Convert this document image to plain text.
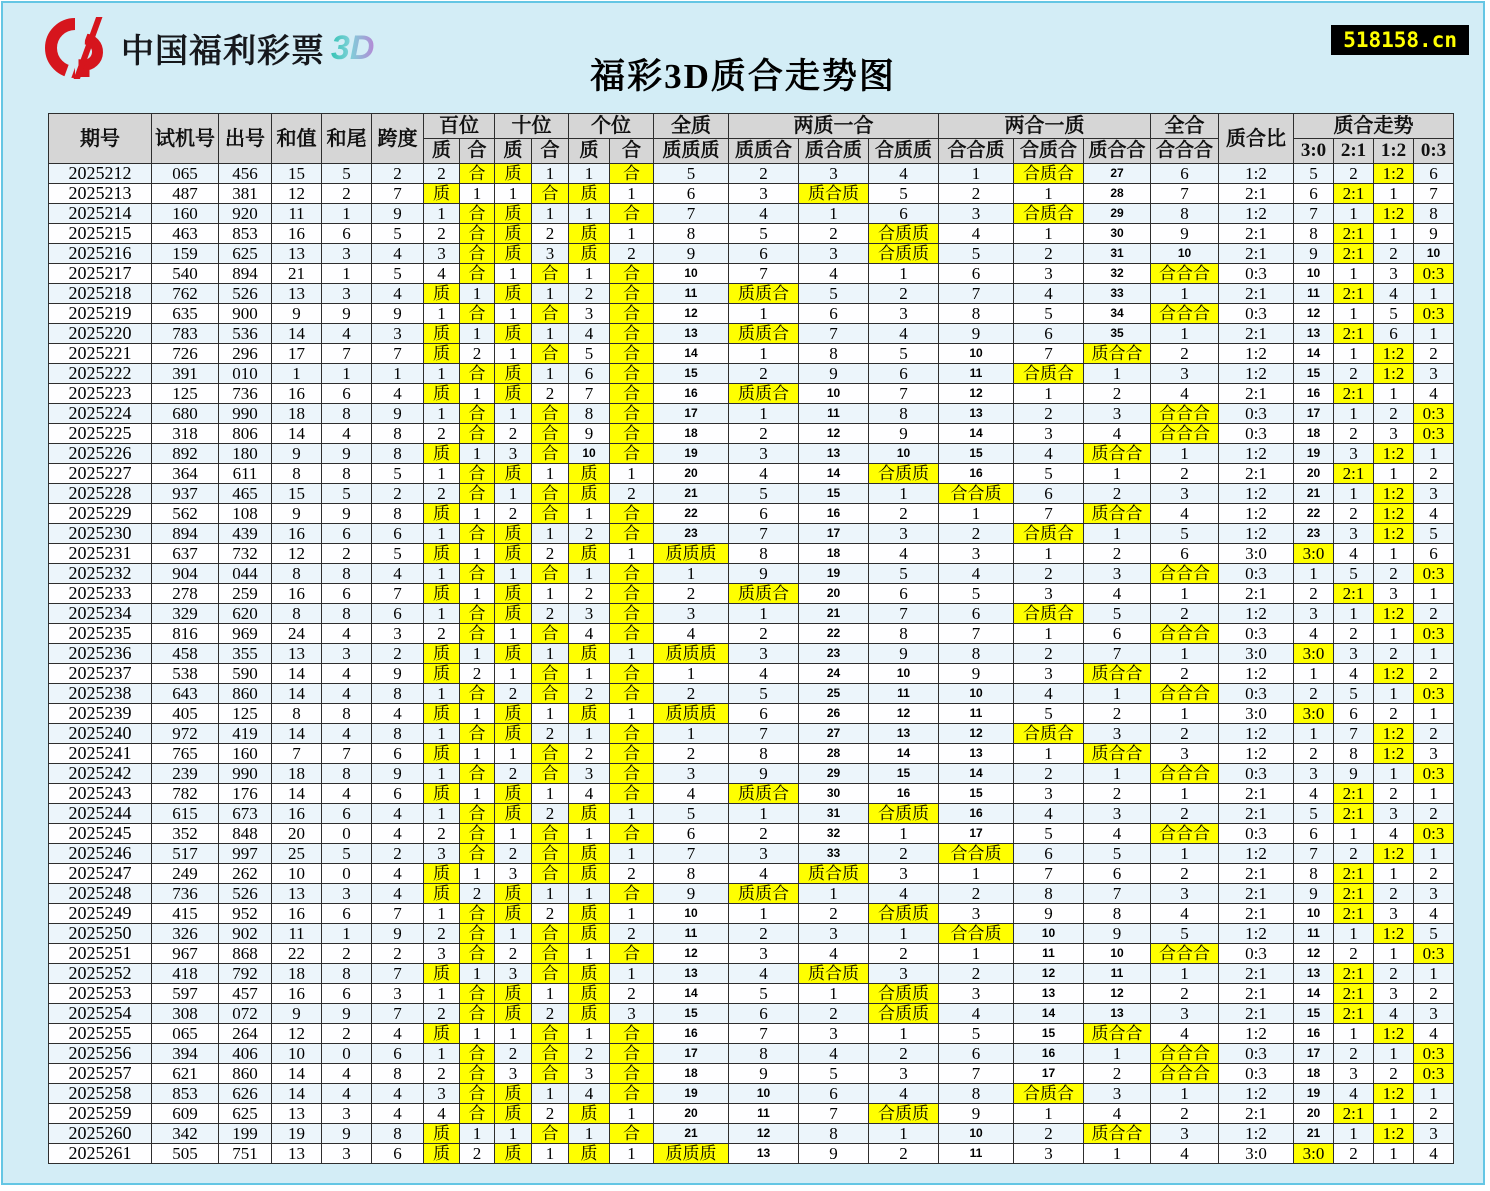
中国福利彩票 3D
福彩3D质合走势图
518158.cn
期号	试机号	出号	和值	和尾	跨度	百位		十位		个位		全质	两质一合			两合一质			全合	质合比	质合走势			
						质	合	质	合	质	合	质质质	质质合	质合质	合质质	合合质	合质合	质合合	合合合		3:0	2:1	1:2	0:3
2025212	065	456	15	5	2	2	合	质	1	1	合	5	2	3	4	1	合质合	27	6	1:2	5	2	1:2	6
2025213	487	381	12	2	7	质	1	1	合	质	1	6	3	质合质	5	2	1	28	7	2:1	6	2:1	1	7
2025214	160	920	11	1	9	1	合	质	1	1	合	7	4	1	6	3	合质合	29	8	1:2	7	1	1:2	8
2025215	463	853	16	6	5	2	合	质	2	质	1	8	5	2	合质质	4	1	30	9	2:1	8	2:1	1	9
2025216	159	625	13	3	4	3	合	质	3	质	2	9	6	3	合质质	5	2	31	10	2:1	9	2:1	2	10
2025217	540	894	21	1	5	4	合	1	合	1	合	10	7	4	1	6	3	32	合合合	0:3	10	1	3	0:3
2025218	762	526	13	3	4	质	1	质	1	2	合	11	质质合	5	2	7	4	33	1	2:1	11	2:1	4	1
2025219	635	900	9	9	9	1	合	1	合	3	合	12	1	6	3	8	5	34	合合合	0:3	12	1	5	0:3
2025220	783	536	14	4	3	质	1	质	1	4	合	13	质质合	7	4	9	6	35	1	2:1	13	2:1	6	1
2025221	726	296	17	7	7	质	2	1	合	5	合	14	1	8	5	10	7	质合合	2	1:2	14	1	1:2	2
2025222	391	010	1	1	1	1	合	质	1	6	合	15	2	9	6	11	合质合	1	3	1:2	15	2	1:2	3
2025223	125	736	16	6	4	质	1	质	2	7	合	16	质质合	10	7	12	1	2	4	2:1	16	2:1	1	4
2025224	680	990	18	8	9	1	合	1	合	8	合	17	1	11	8	13	2	3	合合合	0:3	17	1	2	0:3
2025225	318	806	14	4	8	2	合	2	合	9	合	18	2	12	9	14	3	4	合合合	0:3	18	2	3	0:3
2025226	892	180	9	9	8	质	1	3	合	10	合	19	3	13	10	15	4	质合合	1	1:2	19	3	1:2	1
2025227	364	611	8	8	5	1	合	质	1	质	1	20	4	14	合质质	16	5	1	2	2:1	20	2:1	1	2
2025228	937	465	15	5	2	2	合	1	合	质	2	21	5	15	1	合合质	6	2	3	1:2	21	1	1:2	3
2025229	562	108	9	9	8	质	1	2	合	1	合	22	6	16	2	1	7	质合合	4	1:2	22	2	1:2	4
2025230	894	439	16	6	6	1	合	质	1	2	合	23	7	17	3	2	合质合	1	5	1:2	23	3	1:2	5
2025231	637	732	12	2	5	质	1	质	2	质	1	质质质	8	18	4	3	1	2	6	3:0	3:0	4	1	6
2025232	904	044	8	8	4	1	合	1	合	1	合	1	9	19	5	4	2	3	合合合	0:3	1	5	2	0:3
2025233	278	259	16	6	7	质	1	质	1	2	合	2	质质合	20	6	5	3	4	1	2:1	2	2:1	3	1
2025234	329	620	8	8	6	1	合	质	2	3	合	3	1	21	7	6	合质合	5	2	1:2	3	1	1:2	2
2025235	816	969	24	4	3	2	合	1	合	4	合	4	2	22	8	7	1	6	合合合	0:3	4	2	1	0:3
2025236	458	355	13	3	2	质	1	质	1	质	1	质质质	3	23	9	8	2	7	1	3:0	3:0	3	2	1
2025237	538	590	14	4	9	质	2	1	合	1	合	1	4	24	10	9	3	质合合	2	1:2	1	4	1:2	2
2025238	643	860	14	4	8	1	合	2	合	2	合	2	5	25	11	10	4	1	合合合	0:3	2	5	1	0:3
2025239	405	125	8	8	4	质	1	质	1	质	1	质质质	6	26	12	11	5	2	1	3:0	3:0	6	2	1
2025240	972	419	14	4	8	1	合	质	2	1	合	1	7	27	13	12	合质合	3	2	1:2	1	7	1:2	2
2025241	765	160	7	7	6	质	1	1	合	2	合	2	8	28	14	13	1	质合合	3	1:2	2	8	1:2	3
2025242	239	990	18	8	9	1	合	2	合	3	合	3	9	29	15	14	2	1	合合合	0:3	3	9	1	0:3
2025243	782	176	14	4	6	质	1	质	1	4	合	4	质质合	30	16	15	3	2	1	2:1	4	2:1	2	1
2025244	615	673	16	6	4	1	合	质	2	质	1	5	1	31	合质质	16	4	3	2	2:1	5	2:1	3	2
2025245	352	848	20	0	4	2	合	1	合	1	合	6	2	32	1	17	5	4	合合合	0:3	6	1	4	0:3
2025246	517	997	25	5	2	3	合	2	合	质	1	7	3	33	2	合合质	6	5	1	1:2	7	2	1:2	1
2025247	249	262	10	0	4	质	1	3	合	质	2	8	4	质合质	3	1	7	6	2	2:1	8	2:1	1	2
2025248	736	526	13	3	4	质	2	质	1	1	合	9	质质合	1	4	2	8	7	3	2:1	9	2:1	2	3
2025249	415	952	16	6	7	1	合	质	2	质	1	10	1	2	合质质	3	9	8	4	2:1	10	2:1	3	4
2025250	326	902	11	1	9	2	合	1	合	质	2	11	2	3	1	合合质	10	9	5	1:2	11	1	1:2	5
2025251	967	868	22	2	2	3	合	2	合	1	合	12	3	4	2	1	11	10	合合合	0:3	12	2	1	0:3
2025252	418	792	18	8	7	质	1	3	合	质	1	13	4	质合质	3	2	12	11	1	2:1	13	2:1	2	1
2025253	597	457	16	6	3	1	合	质	1	质	2	14	5	1	合质质	3	13	12	2	2:1	14	2:1	3	2
2025254	308	072	9	9	7	2	合	质	2	质	3	15	6	2	合质质	4	14	13	3	2:1	15	2:1	4	3
2025255	065	264	12	2	4	质	1	1	合	1	合	16	7	3	1	5	15	质合合	4	1:2	16	1	1:2	4
2025256	394	406	10	0	6	1	合	2	合	2	合	17	8	4	2	6	16	1	合合合	0:3	17	2	1	0:3
2025257	621	860	14	4	8	2	合	3	合	3	合	18	9	5	3	7	17	2	合合合	0:3	18	3	2	0:3
2025258	853	626	14	4	4	3	合	质	1	4	合	19	10	6	4	8	合质合	3	1	1:2	19	4	1:2	1
2025259	609	625	13	3	4	4	合	质	2	质	1	20	11	7	合质质	9	1	4	2	2:1	20	2:1	1	2
2025260	342	199	19	9	8	质	1	1	合	1	合	21	12	8	1	10	2	质合合	3	1:2	21	1	1:2	3
2025261	505	751	13	3	6	质	2	质	1	质	1	质质质	13	9	2	11	3	1	4	3:0	3:0	2	1	4
